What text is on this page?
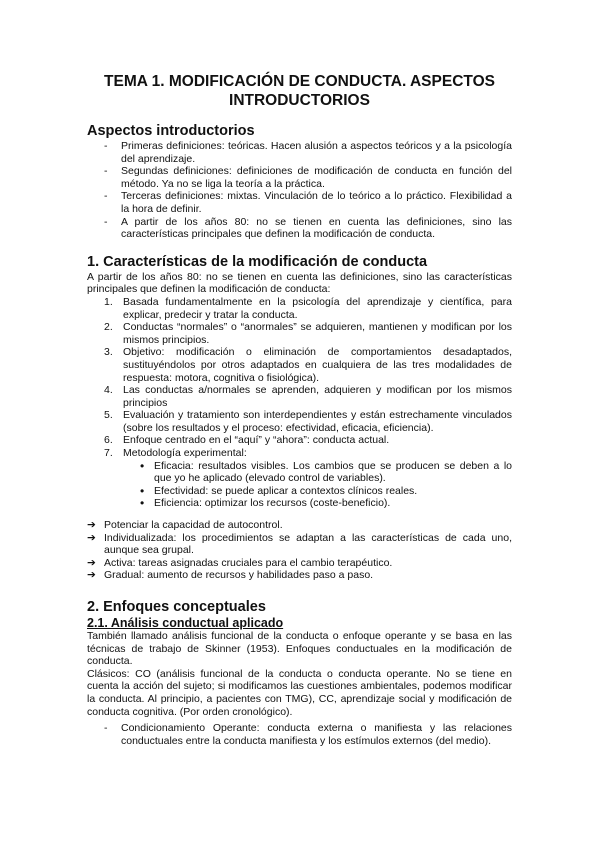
TEMA 1. MODIFICACIÓN DE CONDUCTA. ASPECTOS INTRODUCTORIOS
Aspectos introductorios
- Primeras definiciones: teóricas. Hacen alusión a aspectos teóricos y a la psicología del aprendizaje.
- Segundas definiciones: definiciones de modificación de conducta en función del método. Ya no se liga la teoría a la práctica.
- Terceras definiciones: mixtas. Vinculación de lo teórico a lo práctico. Flexibilidad a la hora de definir.
- A partir de los años 80: no se tienen en cuenta las definiciones, sino las características principales que definen la modificación de conducta.
1. Características de la modificación de conducta

A partir de los años 80: no se tienen en cuenta las definiciones, sino las características principales que definen la modificación de conducta:

1. Basada fundamentalmente en la psicología del aprendizaje y científica, para explicar, predecir y tratar la conducta.
2. Conductas “normales” o “anormales” se adquieren, mantienen y modifican por los mismos principios.
3. Objetivo: modificación o eliminación de comportamientos desadaptados, sustituyéndolos por otros adaptados en cualquiera de las tres modalidades de respuesta: motora, cognitiva o fisiológica).
4. Las conductas a/normales se aprenden, adquieren y modifican por los mismos principios
5. Evaluación y tratamiento son interdependientes y están estrechamente vinculados (sobre los resultados y el proceso: efectividad, eficacia, eficiencia).
6. Enfoque centrado en el “aquí” y “ahora”: conducta actual.
7. Metodología experimental:
• Eficacia: resultados visibles. Los cambios que se producen se deben a lo que yo he aplicado (elevado control de variables).
• Efectividad: se puede aplicar a contextos clínicos reales.
• Eficiencia: optimizar los recursos (coste-beneficio).
➔ Potenciar la capacidad de autocontrol.
➔ Individualizada: los procedimientos se adaptan a las características de cada uno, aunque sea grupal.
➔ Activa: tareas asignadas cruciales para el cambio terapéutico.
➔ Gradual: aumento de recursos y habilidades paso a paso.
2. Enfoques conceptuales
2.1. Análisis conductual aplicado

También llamado análisis funcional de la conducta o enfoque operante y se basa en las técnicas de trabajo de Skinner (1953). Enfoques conductuales en la modificación de conducta.

Clásicos: CO (análisis funcional de la conducta o conducta operante. No se tiene en cuenta la acción del sujeto; si modificamos las cuestiones ambientales, podemos modificar la conducta. Al principio, a pacientes con TMG), CC, aprendizaje social y modificación de conducta cognitiva. (Por orden cronológico).

- Condicionamiento Operante: conducta externa o manifiesta y las relaciones conductuales entre la conducta manifiesta y los estímulos externos (del medio).
